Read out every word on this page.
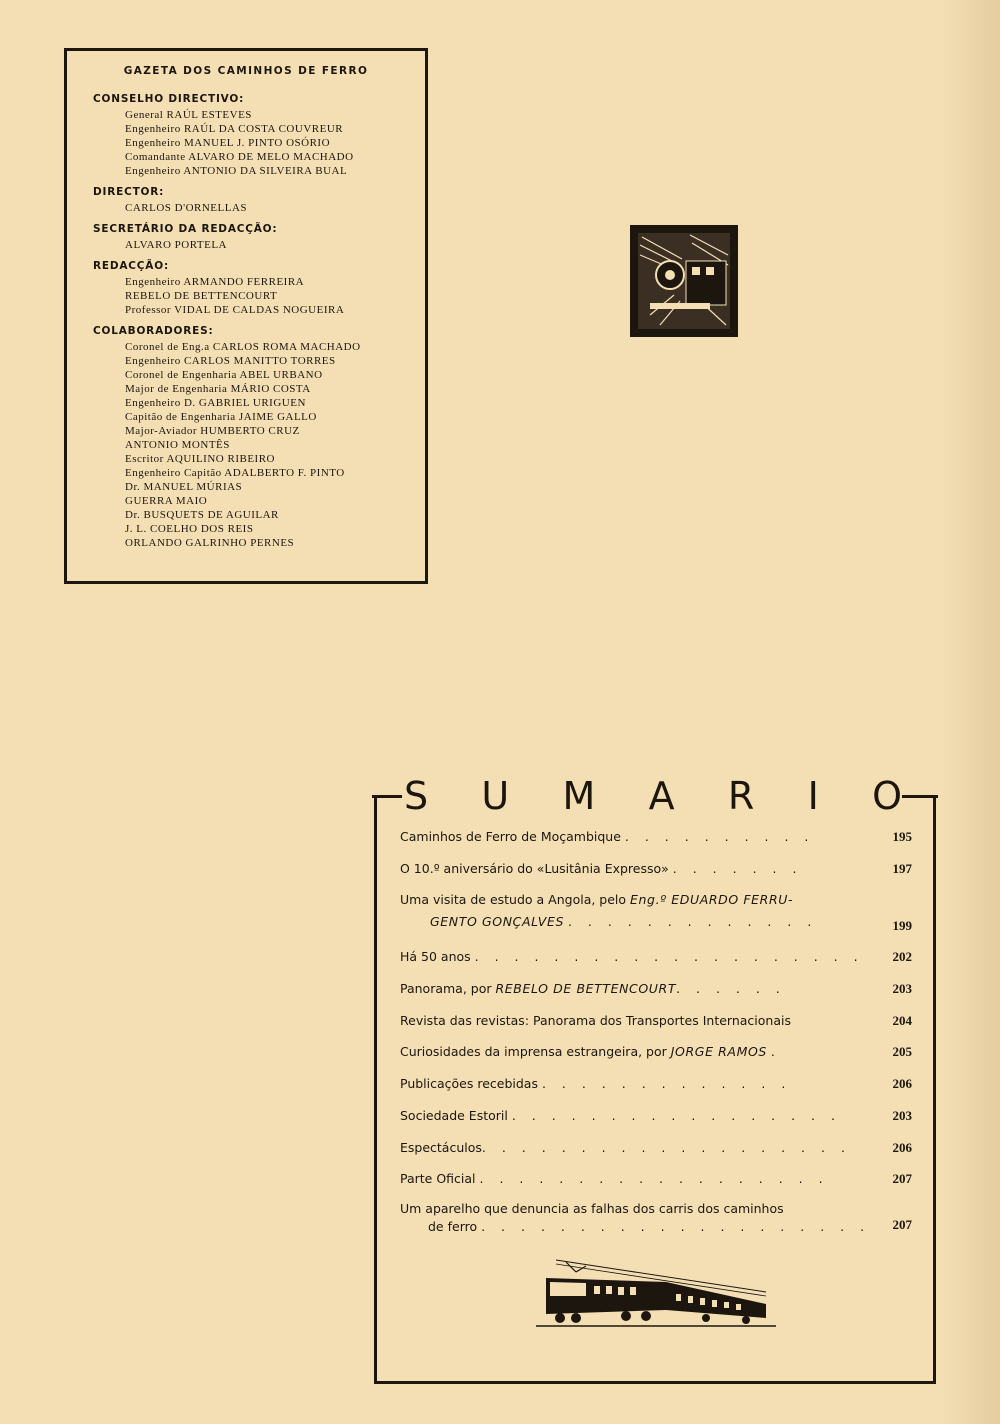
GAZETA DOS CAMINHOS DE FERRO
CONSELHO DIRECTIVO:
General RAÚL ESTEVES
Engenheiro RAÚL DA COSTA COUVREUR
Engenheiro MANUEL J. PINTO OSÓRIO
Comandante ALVARO DE MELO MACHADO
Engenheiro ANTONIO DA SILVEIRA BUAL
DIRECTOR:
CARLOS D'ORNELLAS
SECRETÁRIO DA REDACÇÃO:
ALVARO PORTELA
REDACÇÃO:
Engenheiro ARMANDO FERREIRA
REBELO DE BETTENCOURT
Professor VIDAL DE CALDAS NOGUEIRA
COLABORADORES:
Coronel de Eng.a CARLOS ROMA MACHADO
Engenheiro CARLOS MANITTO TORRES
Coronel de Engenharia ABEL URBANO
Major de Engenharia MÁRIO COSTA
Engenheiro D. GABRIEL URIGUEN
Capitão de Engenharia JAIME GALLO
Major-Aviador HUMBERTO CRUZ
ANTONIO MONTÊS
Escritor AQUILINO RIBEIRO
Engenheiro Capitão ADALBERTO F. PINTO
Dr. MANUEL MÚRIAS
GUERRA MAIO
Dr. BUSQUETS DE AGUILAR
J. L. COELHO DOS REIS
ORLANDO GALRINHO PERNES
S U M A R I O
Caminhos de Ferro de Moçambique . . . . . . . . . .	195
O 10.º aniversário do «Lusitânia Expresso» . . . . . . .	197
Uma visita de estudo a Angola, pelo Eng.º EDUARDO FERRU-
GENTO GONÇALVES . . . . . . . . . . . . .	199
Há 50 anos . . . . . . . . . . . . . . . . . . . .	202
Panorama, por REBELO DE BETTENCOURT. . . . . .	203
Revista das revistas: Panorama dos Transportes Internacionais	204
Curiosidades da imprensa estrangeira, por JORGE RAMOS .	205
Publicações recebidas . . . . . . . . . . . . .	206
Sociedade Estoril . . . . . . . . . . . . . . . . .	203
Espectáculos. . . . . . . . . . . . . . . . . . .	206
Parte Oficial . . . . . . . . . . . . . . . . . .	207
Um aparelho que denuncia as falhas dos carris dos caminhos
de ferro . . . . . . . . . . . . . . . . . . . .	207
